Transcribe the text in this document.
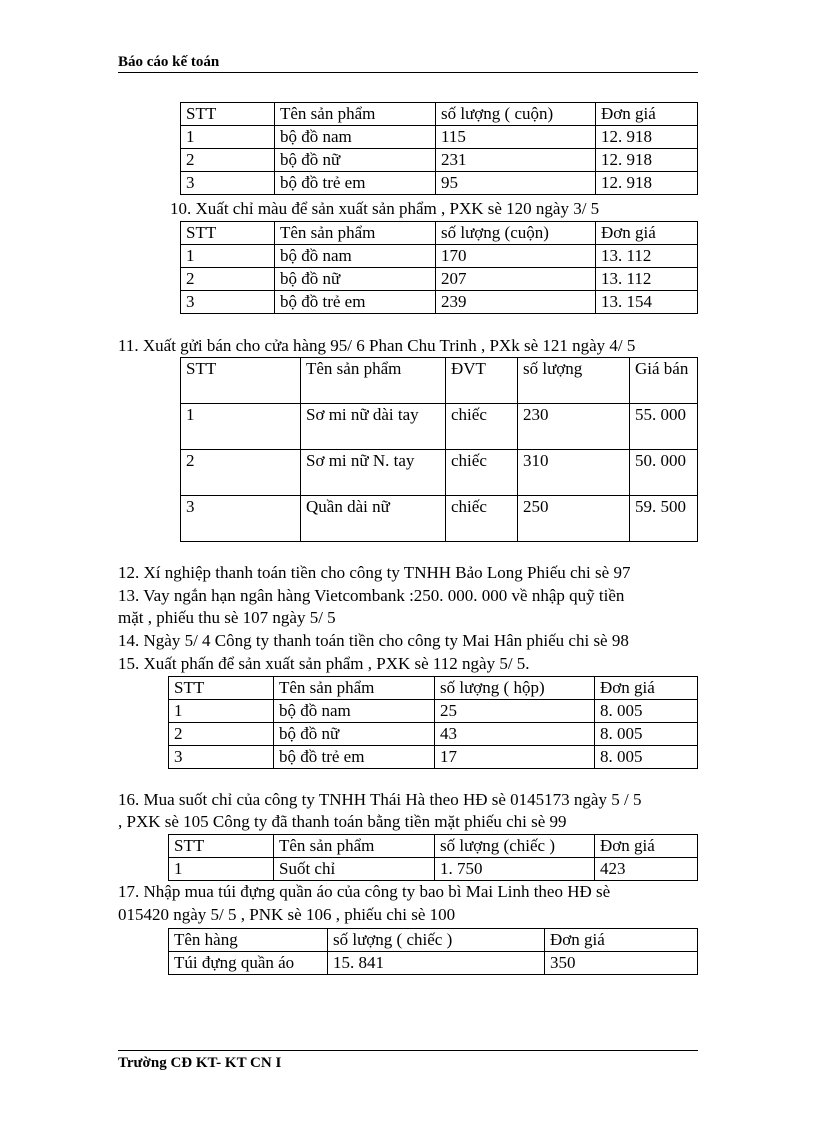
Báo cáo kế toán
STT	Tên sản phẩm	số lượng ( cuộn)	Đơn giá
1	bộ đồ nam	115	12. 918
2	bộ đồ nữ	231	12. 918
3	bộ đồ trẻ em	95	12. 918
10. Xuất chỉ màu để sản xuất sản phẩm , PXK sè 120 ngày 3/ 5
STT	Tên sản phẩm	số lượng (cuộn)	Đơn giá
1	bộ đồ nam	170	13. 112
2	bộ đồ nữ	207	13. 112
3	bộ đồ trẻ em	239	13. 154
11. Xuất gửi bán cho cửa hàng 95/ 6 Phan Chu Trinh , PXk sè 121 ngày 4/ 5
STT	Tên sản phẩm	ĐVT	số lượng	Giá bán
1	Sơ mi nữ dài tay	chiếc	230	55. 000
2	Sơ mi nữ N. tay	chiếc	310	50. 000
3	Quần dài nữ	chiếc	250	59. 500
12. Xí nghiệp thanh toán tiền cho công ty TNHH Bảo Long Phiếu chi sè 97
13. Vay ngắn hạn ngân hàng Vietcombank :250. 000. 000 về nhập quỹ tiền
mặt , phiếu thu sè 107 ngày 5/ 5
14. Ngày 5/ 4 Công ty thanh toán tiền cho công ty Mai Hân phiếu chi sè 98
15. Xuất phấn để sản xuất sản phẩm , PXK sè 112 ngày 5/ 5.
STT	Tên sản phẩm	số lượng ( hộp)	Đơn giá
1	bộ đồ nam	25	8. 005
2	bộ đồ nữ	43	8. 005
3	bộ đồ trẻ em	17	8. 005
16. Mua suốt chỉ của công ty TNHH Thái Hà theo HĐ sè 0145173 ngày 5 / 5
, PXK sè 105 Công ty đã thanh toán bằng tiền mặt phiếu chi sè 99
STT	Tên sản phẩm	số lượng (chiếc )	Đơn giá
1	Suốt chỉ	1. 750	423
17. Nhập mua túi đựng quần áo của công ty bao bì Mai Linh theo HĐ sè
015420 ngày 5/ 5 , PNK sè 106 , phiếu chi sè 100
Tên hàng	số lượng ( chiếc )	Đơn giá
Túi đựng quần áo	15. 841	350
Trường CĐ KT- KT CN I
